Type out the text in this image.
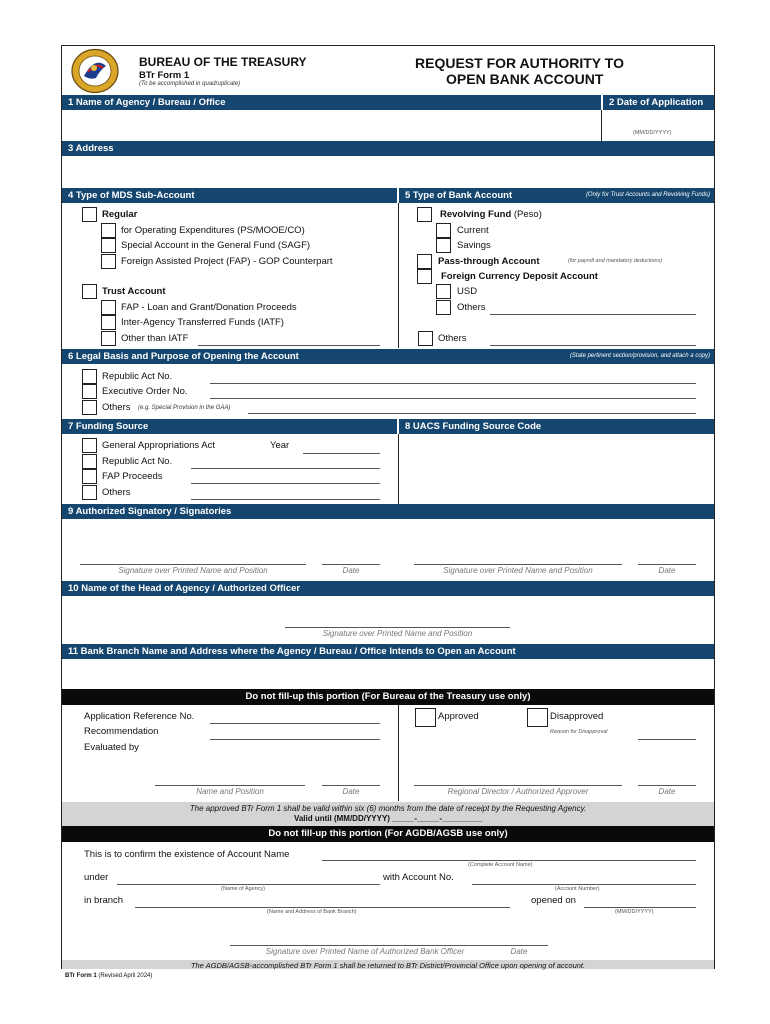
BUREAU OF THE TREASURY
BTr Form 1
(To be accomplished in quadruplicate)
REQUEST FOR AUTHORITY TO
OPEN BANK ACCOUNT
1 Name of Agency / Bureau / Office	2 Date of Application
(MM/DD/YYYY)
3 Address
4 Type of MDS Sub-Account	5 Type of Bank Account	(Only for Trust Accounts and Revolving Funds)
Regular
for Operating Expenditures (PS/MOOE/CO)
Special Account in the General Fund (SAGF)
Foreign Assisted Project (FAP) - GOP Counterpart
Trust Account
FAP - Loan and Grant/Donation Proceeds
Inter-Agency Transferred Funds (IATF)
Other than IATF
Revolving Fund (Peso)
Current
Savings
Pass-through Account	(for payroll and mandatory deductions)
Foreign Currency Deposit Account
USD
Others
Others
6 Legal Basis and Purpose of Opening the Account	(State pertinent section/provision, and attach a copy)
Republic Act No.
Executive Order No.
Others (e.g. Special Provision in the GAA)
7 Funding Source	8 UACS Funding Source Code
General Appropriations Act	Year
Republic Act No.
FAP Proceeds
Others
9 Authorized Signatory / Signatories
Signature over Printed Name and Position	Date	Signature over Printed Name and Position	Date
10 Name of the Head of Agency / Authorized Officer
Signature over Printed Name and Position
11 Bank Branch Name and Address where the Agency / Bureau / Office Intends to Open an Account
Do not fill-up this portion (For Bureau of the Treasury use only)
Application Reference No.
Recommendation
Evaluated by
Approved	Disapproved
Reason for Disapproval
Name and Position	Date	Regional Director / Authorized Approver	Date
The approved BTr Form 1 shall be valid within six (6) months from the date of receipt by the Requesting Agency.
Valid until (MM/DD/YYYY) _____-_____-_________
Do not fill-up this portion (For AGDB/AGSB use only)
This is to confirm the existence of Account Name
(Complete Account Name)
under
(Name of Agency)
with Account No.
(Account Number)
in branch
(Name and Address of Bank Branch)
opened on
(MM/DD/YYYY)
Signature over Printed Name of Authorized Bank Officer	Date
The AGDB/AGSB-accomplished BTr Form 1 shall be returned to BTr District/Provincial Office upon opening of account.
BTr Form 1 (Revised April 2024)
